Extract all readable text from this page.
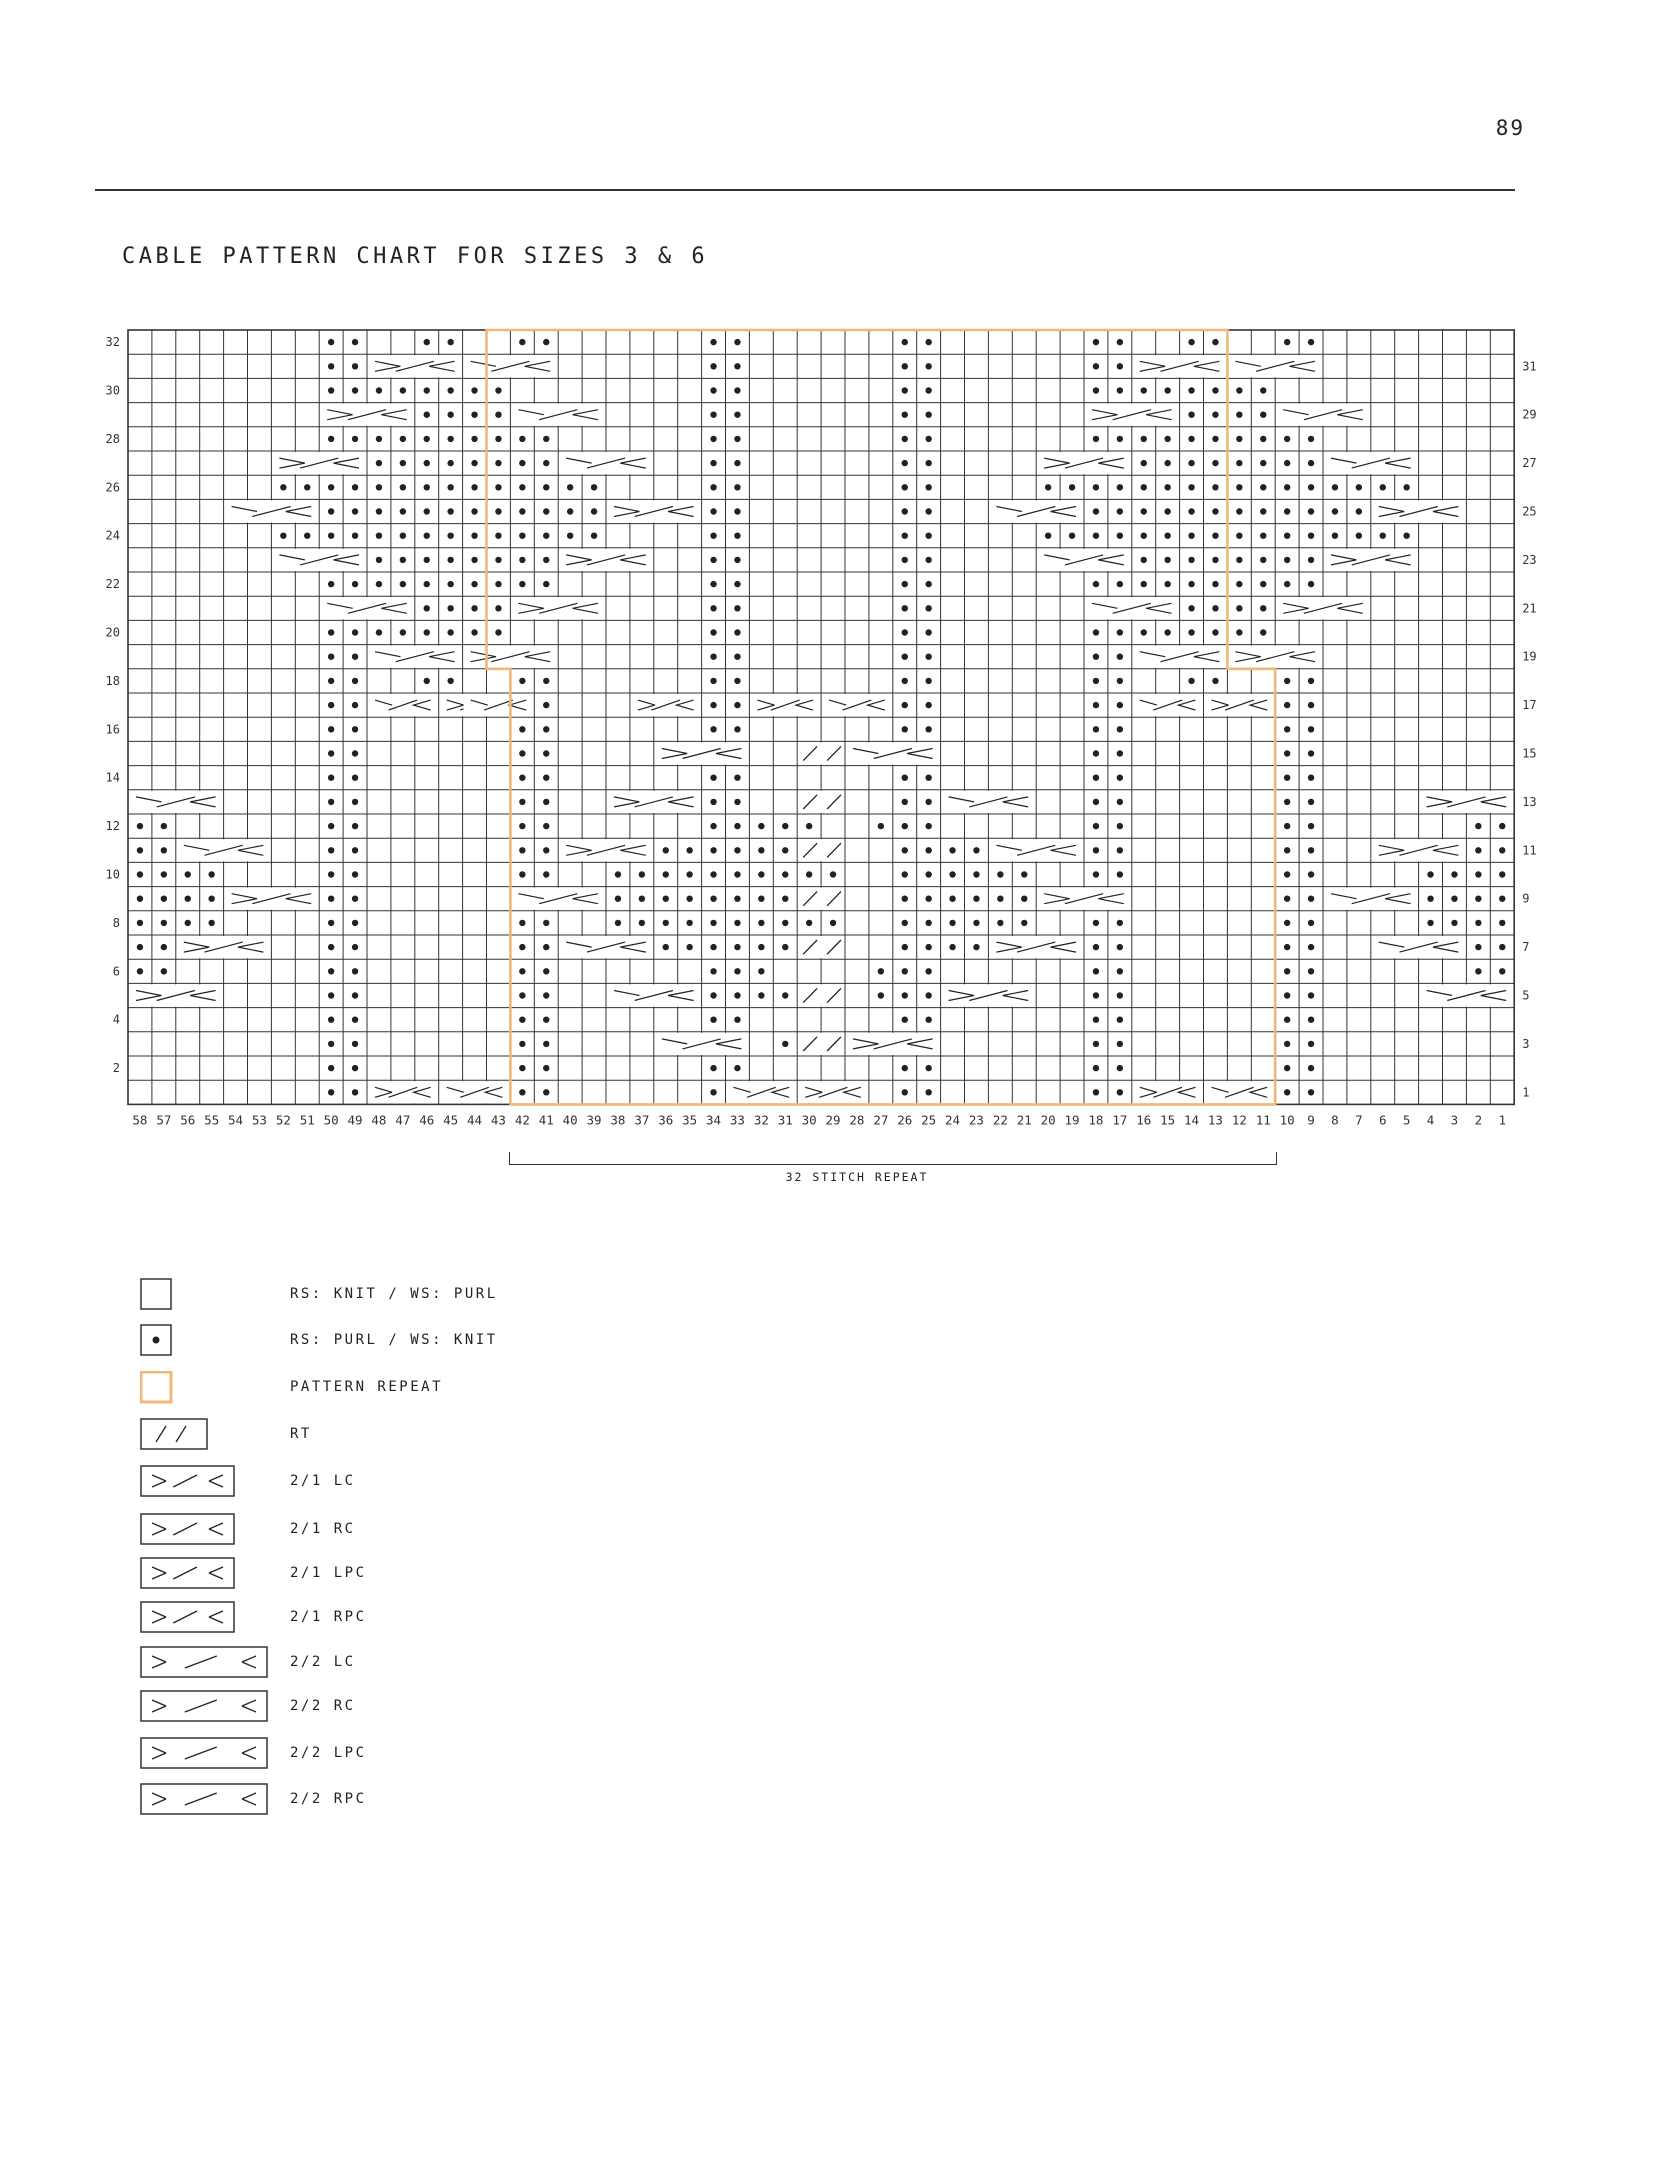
89
CABLE PATTERN CHART FOR SIZES 3 & 6
32
30
28
26
24
22
20
18
16
14
12
10
8
6
4
2
31
29
27
25
23
21
19
17
15
13
11
9
7
5
3
1
58 57 56 55 54 53 52 51 50 49 48 47 46 45 44 43 42 41 40 39 38 37 36 35 34 33 32 31 30 29 28 27 26 25 24 23 22 21 20 19 18 17 16 15 14 13 12 11 10 9 8 7 6 5 4 3 2 1
32 STITCH REPEAT
RS: KNIT / WS: PURL
RS: PURL / WS: KNIT
PATTERN REPEAT
RT
2/1 LC
2/1 RC
2/1 LPC
2/1 RPC
2/2 LC
2/2 RC
2/2 LPC
2/2 RPC
